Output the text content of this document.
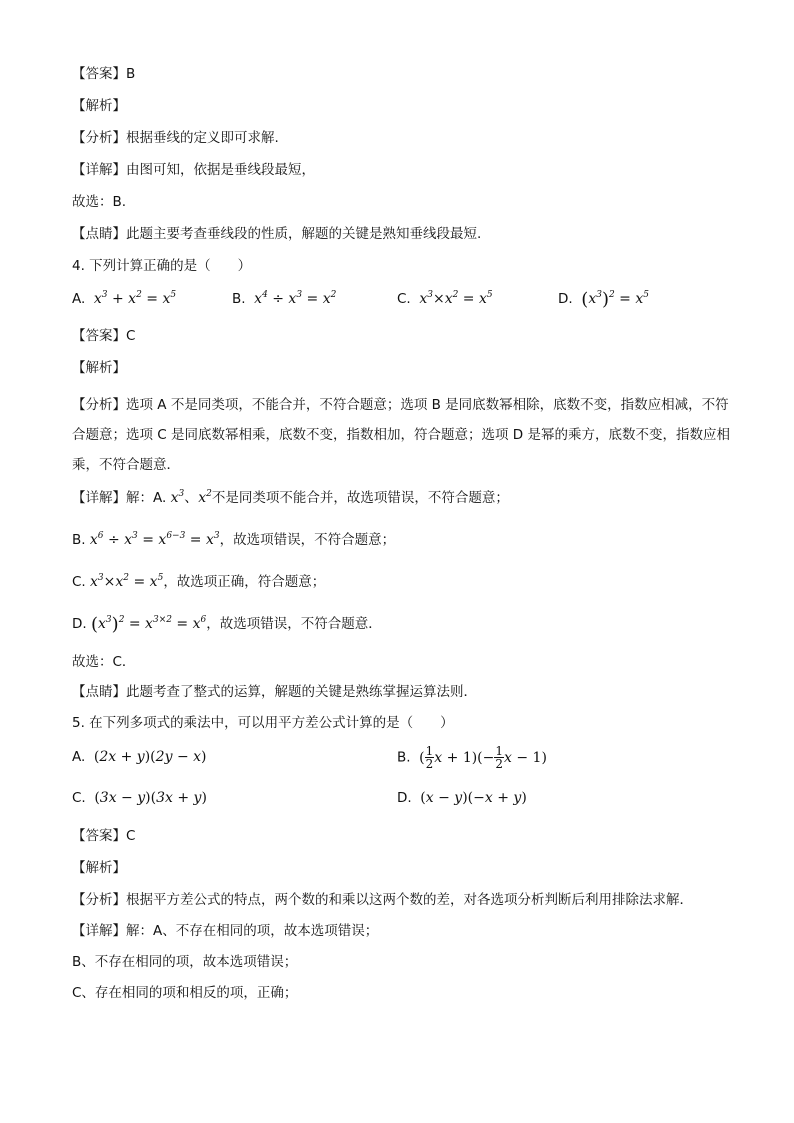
【答案】B
【解析】
【分析】根据垂线的定义即可求解.
【详解】由图可知，依据是垂线段最短，
故选：B.
【点睛】此题主要考查垂线段的性质，解题的关键是熟知垂线段最短.
4. 下列计算正确的是（　　）
A. $x^3 + x^2 = x^5$	B. $x^4 \div x^3 = x^2$	C. $x^3\times x^2 = x^5$	D. $(x^3)^2 = x^5$
【答案】C
【解析】
【分析】选项 A 不是同类项，不能合并，不符合题意；选项 B 是同底数幂相除，底数不变，指数应相减，不符合题意；选项 C 是同底数幂相乘，底数不变，指数相加，符合题意；选项 D 是幂的乘方，底数不变，指数应相乘，不符合题意．
【详解】解：A. $x^3$、$x^2$不是同类项不能合并，故选项错误，不符合题意；
B. $x^6 \div x^3 = x^{6-3} = x^3$，故选项错误，不符合题意；
C. $x^3\times x^2 = x^5$，故选项正确，符合题意；
D. $(x^3)^2 = x^{3\times 2} = x^6$，故选项错误，不符合题意．
故选：C．
【点睛】此题考查了整式的运算，解题的关键是熟练掌握运算法则．
5. 在下列多项式的乘法中，可以用平方差公式计算的是（　　）
A. (2x + y)(2y − x)	B. ( $\frac{1}{2}$ $x + 1)(- \frac{1}{2}$ x − 1)
C. (3x − y)(3x + y)	D. (x − y)(−x + y)
【答案】C
【解析】
【分析】根据平方差公式的特点，两个数的和乘以这两个数的差，对各选项分析判断后利用排除法求解．
【详解】解：A、不存在相同的项，故本选项错误；
B、不存在相同的项，故本选项错误；
C、存在相同的项和相反的项，正确；
